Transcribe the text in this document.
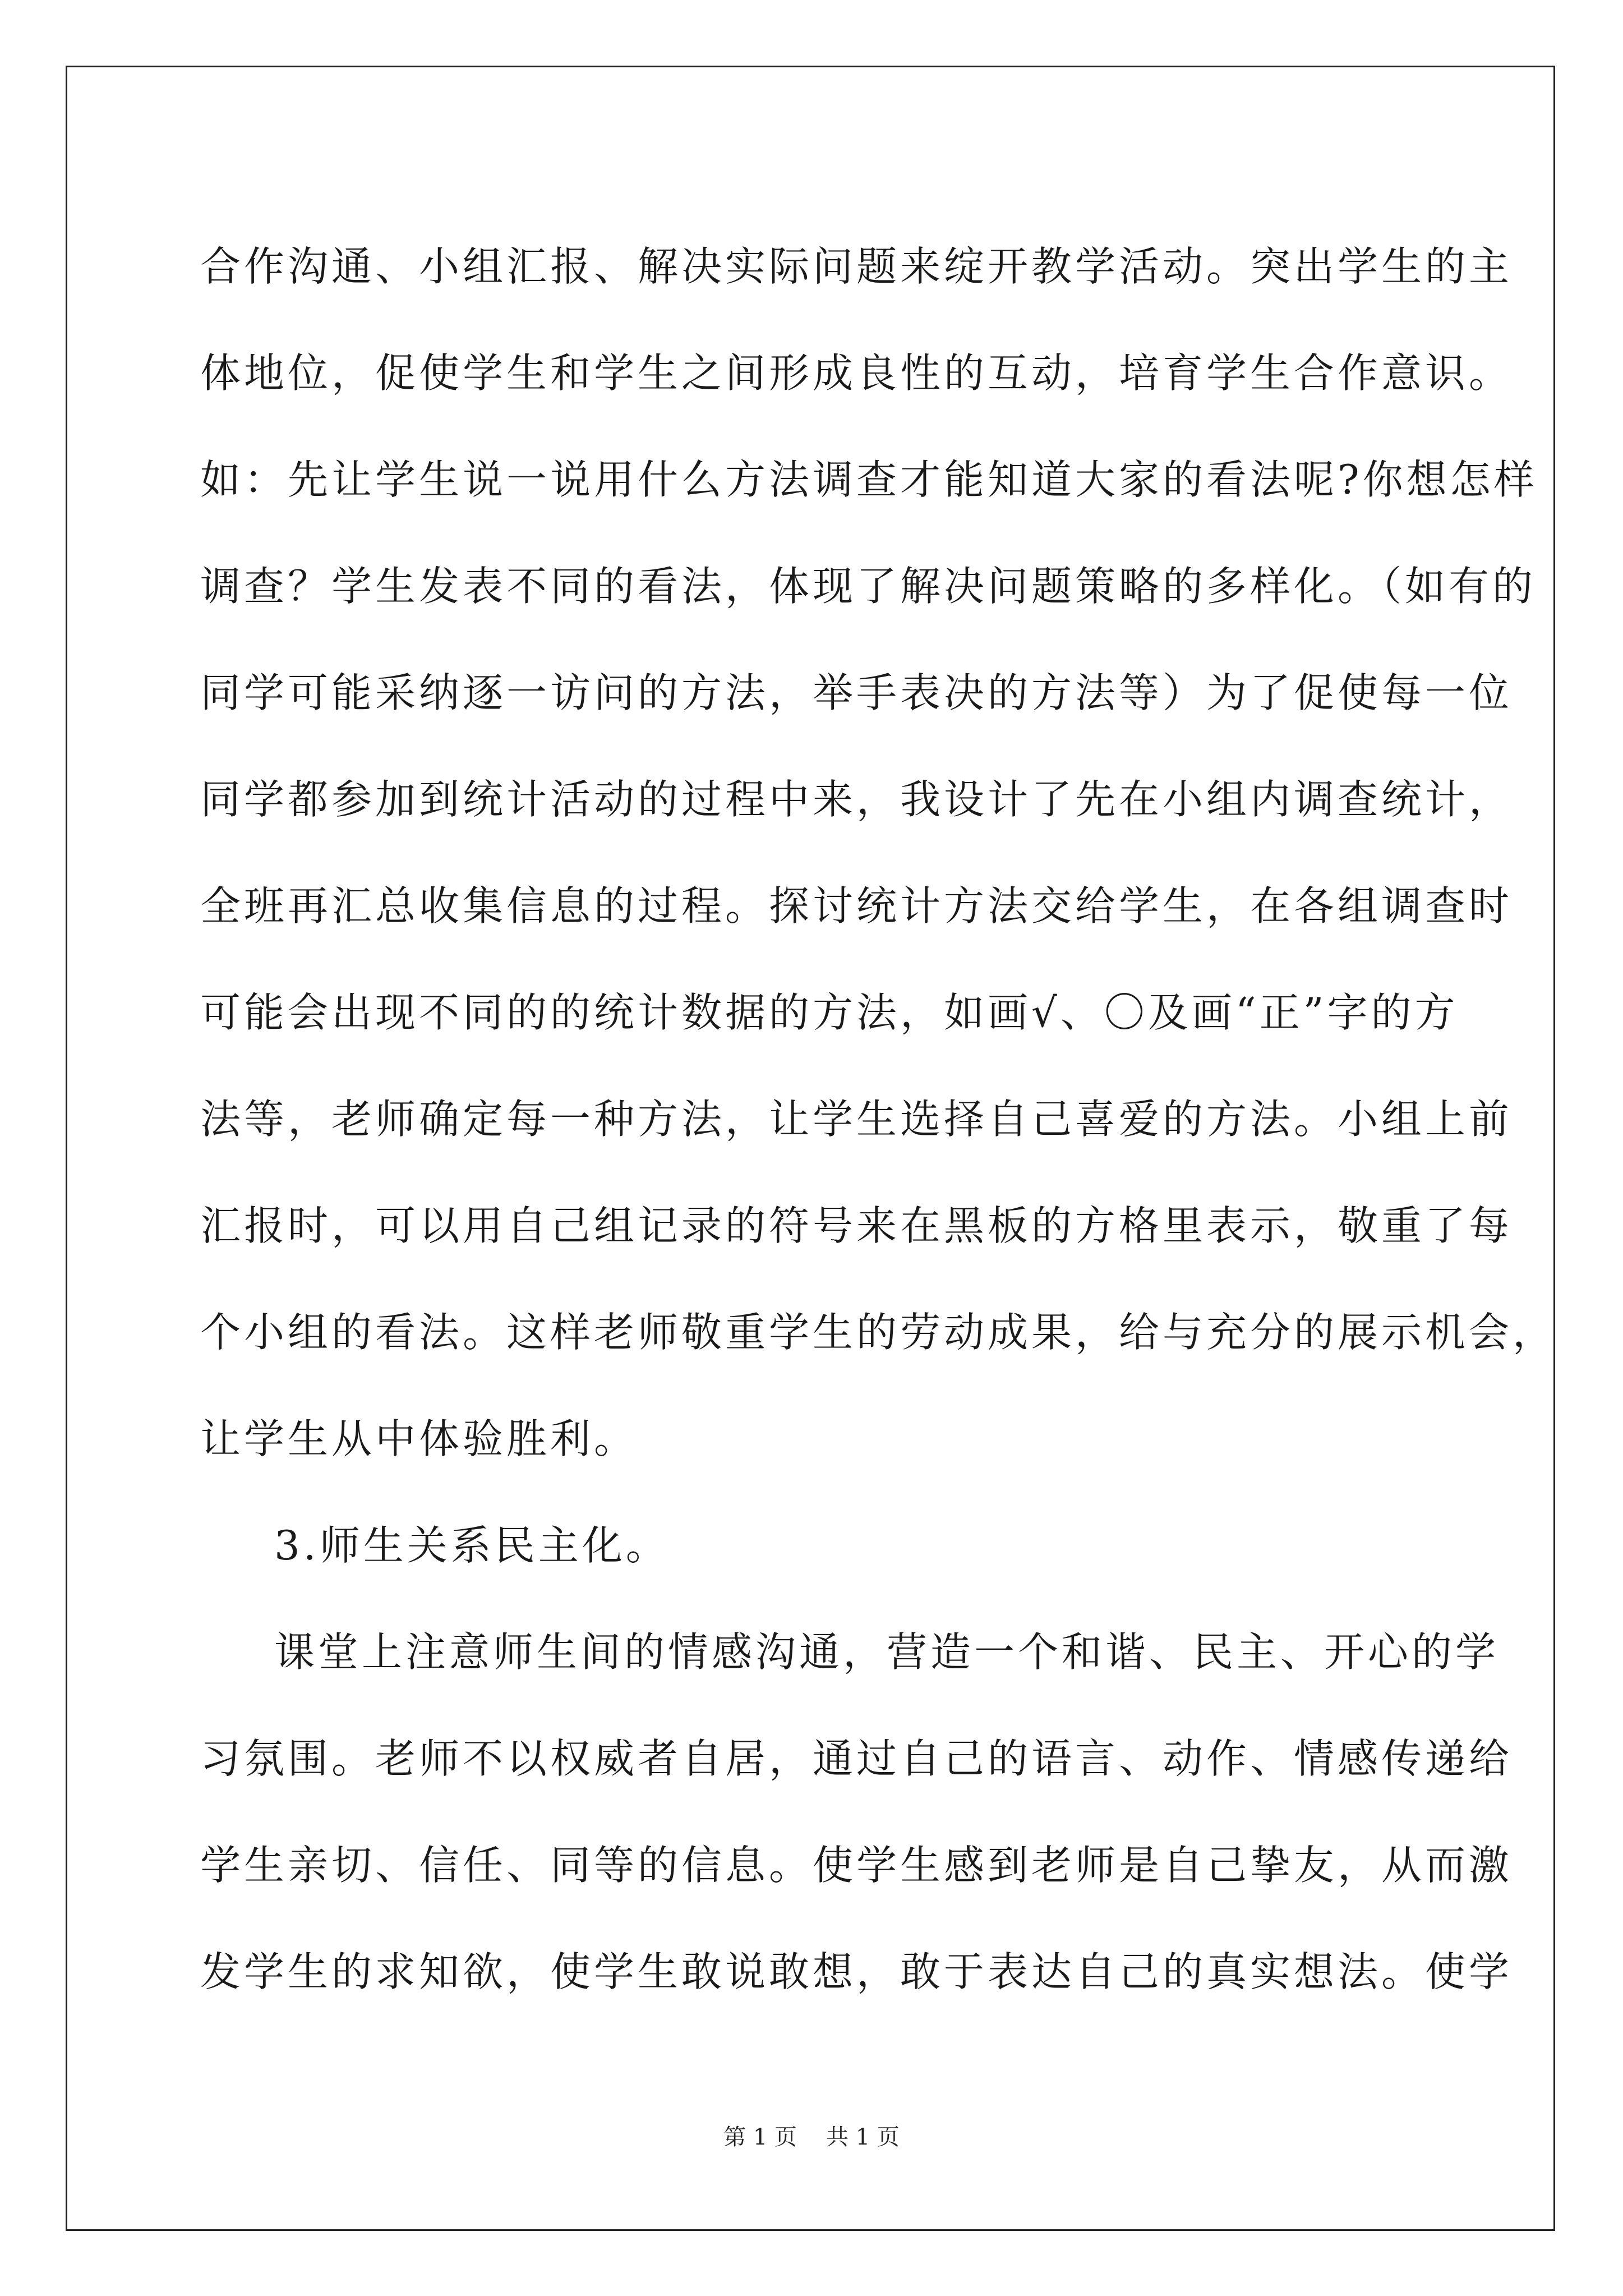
合作沟通、小组汇报、解决实际问题来绽开教学活动。突出学生的主
体地位，促使学生和学生之间形成良性的互动，培育学生合作意识。
如：先让学生说一说用什么方法调查才能知道大家的看法呢?你想怎样
调查？学生发表不同的看法，体现了解决问题策略的多样化。（如有的
同学可能采纳逐一访问的方法，举手表决的方法等）为了促使每一位
同学都参加到统计活动的过程中来，我设计了先在小组内调查统计，
全班再汇总收集信息的过程。探讨统计方法交给学生，在各组调查时
可能会出现不同的的统计数据的方法，如画√、〇及画“正”字的方
法等，老师确定每一种方法，让学生选择自己喜爱的方法。小组上前
汇报时，可以用自己组记录的符号来在黑板的方格里表示，敬重了每
个小组的看法。这样老师敬重学生的劳动成果，给与充分的展示机会，
让学生从中体验胜利。
3.师生关系民主化。
课堂上注意师生间的情感沟通，营造一个和谐、民主、开心的学
习氛围。老师不以权威者自居，通过自己的语言、动作、情感传递给
学生亲切、信任、同等的信息。使学生感到老师是自己挚友，从而激
发学生的求知欲，使学生敢说敢想，敢于表达自己的真实想法。使学
第 1 页 共 1 页
